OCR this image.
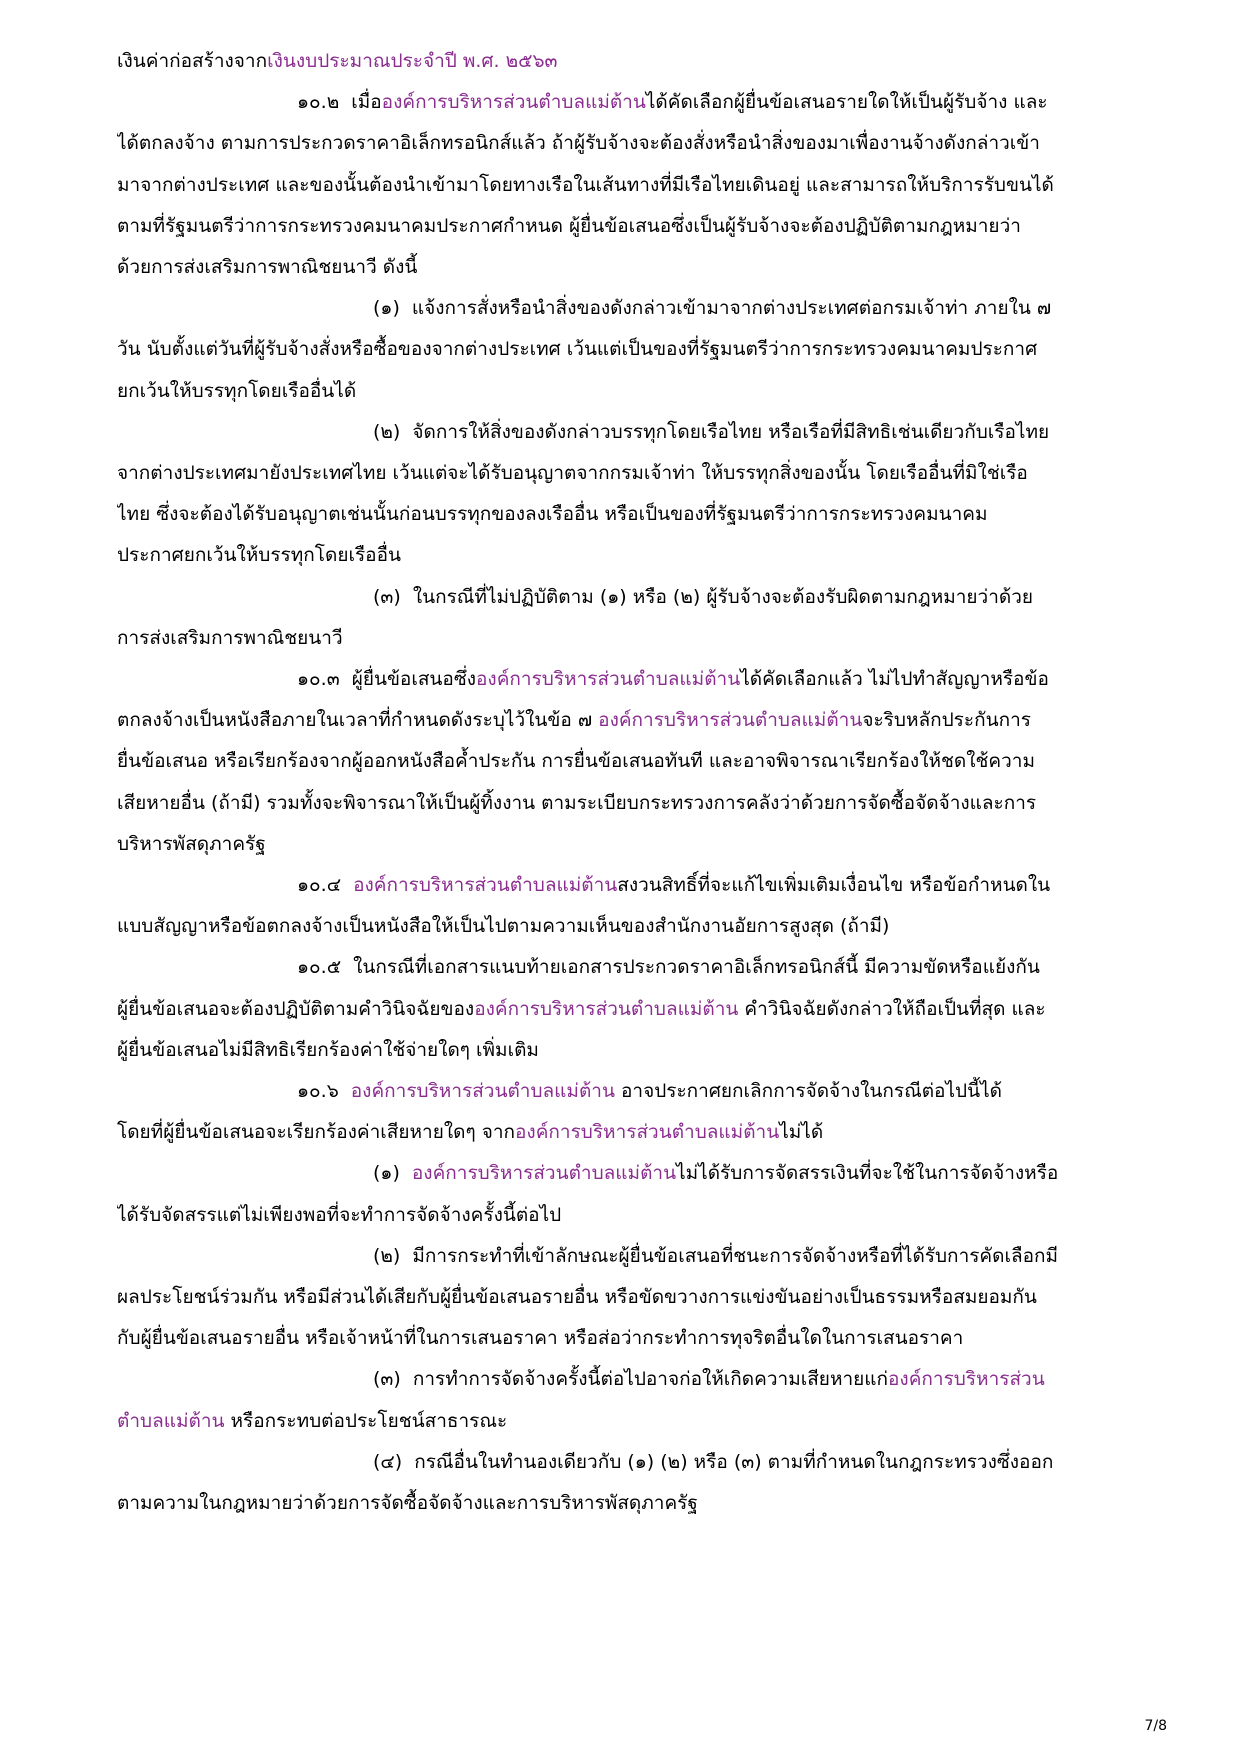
เงินค่าก่อสร้างจากเงินงบประมาณประจำปี พ.ศ. ๒๕๖๓
๑๐.๒ เมื่อองค์การบริหารส่วนตำบลแม่ต้านได้คัดเลือกผู้ยื่นข้อเสนอรายใดให้เป็นผู้รับจ้าง และ
ได้ตกลงจ้าง ตามการประกวดราคาอิเล็กทรอนิกส์แล้ว ถ้าผู้รับจ้างจะต้องสั่งหรือนำสิ่งของมาเพื่องานจ้างดังกล่าวเข้า
มาจากต่างประเทศ และของนั้นต้องนำเข้ามาโดยทางเรือในเส้นทางที่มีเรือไทยเดินอยู่ และสามารถให้บริการรับขนได้
ตามที่รัฐมนตรีว่าการกระทรวงคมนาคมประกาศกำหนด ผู้ยื่นข้อเสนอซึ่งเป็นผู้รับจ้างจะต้องปฏิบัติตามกฎหมายว่า
ด้วยการส่งเสริมการพาณิชยนาวี ดังนี้
(๑) แจ้งการสั่งหรือนำสิ่งของดังกล่าวเข้ามาจากต่างประเทศต่อกรมเจ้าท่า ภายใน ๗
วัน นับตั้งแต่วันที่ผู้รับจ้างสั่งหรือซื้อของจากต่างประเทศ เว้นแต่เป็นของที่รัฐมนตรีว่าการกระทรวงคมนาคมประกาศ
ยกเว้นให้บรรทุกโดยเรืออื่นได้
(๒) จัดการให้สิ่งของดังกล่าวบรรทุกโดยเรือไทย หรือเรือที่มีสิทธิเช่นเดียวกับเรือไทย
จากต่างประเทศมายังประเทศไทย เว้นแต่จะได้รับอนุญาตจากกรมเจ้าท่า ให้บรรทุกสิ่งของนั้น โดยเรืออื่นที่มิใช่เรือ
ไทย ซึ่งจะต้องได้รับอนุญาตเช่นนั้นก่อนบรรทุกของลงเรืออื่น หรือเป็นของที่รัฐมนตรีว่าการกระทรวงคมนาคม
ประกาศยกเว้นให้บรรทุกโดยเรืออื่น
(๓) ในกรณีที่ไม่ปฏิบัติตาม (๑) หรือ (๒) ผู้รับจ้างจะต้องรับผิดตามกฎหมายว่าด้วย
การส่งเสริมการพาณิชยนาวี
๑๐.๓ ผู้ยื่นข้อเสนอซึ่งองค์การบริหารส่วนตำบลแม่ต้านได้คัดเลือกแล้ว ไม่ไปทำสัญญาหรือข้อ
ตกลงจ้างเป็นหนังสือภายในเวลาที่กำหนดดังระบุไว้ในข้อ ๗ องค์การบริหารส่วนตำบลแม่ต้านจะริบหลักประกันการ
ยื่นข้อเสนอ หรือเรียกร้องจากผู้ออกหนังสือค้ำประกัน การยื่นข้อเสนอทันที และอาจพิจารณาเรียกร้องให้ชดใช้ความ
เสียหายอื่น (ถ้ามี) รวมทั้งจะพิจารณาให้เป็นผู้ทิ้งงาน ตามระเบียบกระทรวงการคลังว่าด้วยการจัดซื้อจัดจ้างและการ
บริหารพัสดุภาครัฐ
๑๐.๔ องค์การบริหารส่วนตำบลแม่ต้านสงวนสิทธิ์ที่จะแก้ไขเพิ่มเติมเงื่อนไข หรือข้อกำหนดใน
แบบสัญญาหรือข้อตกลงจ้างเป็นหนังสือให้เป็นไปตามความเห็นของสำนักงานอัยการสูงสุด (ถ้ามี)
๑๐.๕ ในกรณีที่เอกสารแนบท้ายเอกสารประกวดราคาอิเล็กทรอนิกส์นี้ มีความขัดหรือแย้งกัน
ผู้ยื่นข้อเสนอจะต้องปฏิบัติตามคำวินิจฉัยขององค์การบริหารส่วนตำบลแม่ต้าน คำวินิจฉัยดังกล่าวให้ถือเป็นที่สุด และ
ผู้ยื่นข้อเสนอไม่มีสิทธิเรียกร้องค่าใช้จ่ายใดๆ เพิ่มเติม
๑๐.๖ องค์การบริหารส่วนตำบลแม่ต้าน อาจประกาศยกเลิกการจัดจ้างในกรณีต่อไปนี้ได้
โดยที่ผู้ยื่นข้อเสนอจะเรียกร้องค่าเสียหายใดๆ จากองค์การบริหารส่วนตำบลแม่ต้านไม่ได้
(๑) องค์การบริหารส่วนตำบลแม่ต้านไม่ได้รับการจัดสรรเงินที่จะใช้ในการจัดจ้างหรือ
ได้รับจัดสรรแต่ไม่เพียงพอที่จะทำการจัดจ้างครั้งนี้ต่อไป
(๒) มีการกระทำที่เข้าลักษณะผู้ยื่นข้อเสนอที่ชนะการจัดจ้างหรือที่ได้รับการคัดเลือกมี
ผลประโยชน์ร่วมกัน หรือมีส่วนได้เสียกับผู้ยื่นข้อเสนอรายอื่น หรือขัดขวางการแข่งขันอย่างเป็นธรรมหรือสมยอมกัน
กับผู้ยื่นข้อเสนอรายอื่น หรือเจ้าหน้าที่ในการเสนอราคา หรือส่อว่ากระทำการทุจริตอื่นใดในการเสนอราคา
(๓) การทำการจัดจ้างครั้งนี้ต่อไปอาจก่อให้เกิดความเสียหายแก่องค์การบริหารส่วน
ตำบลแม่ต้าน หรือกระทบต่อประโยชน์สาธารณะ
(๔) กรณีอื่นในทำนองเดียวกับ (๑) (๒) หรือ (๓) ตามที่กำหนดในกฎกระทรวงซึ่งออก
ตามความในกฎหมายว่าด้วยการจัดซื้อจัดจ้างและการบริหารพัสดุภาครัฐ
7/8
